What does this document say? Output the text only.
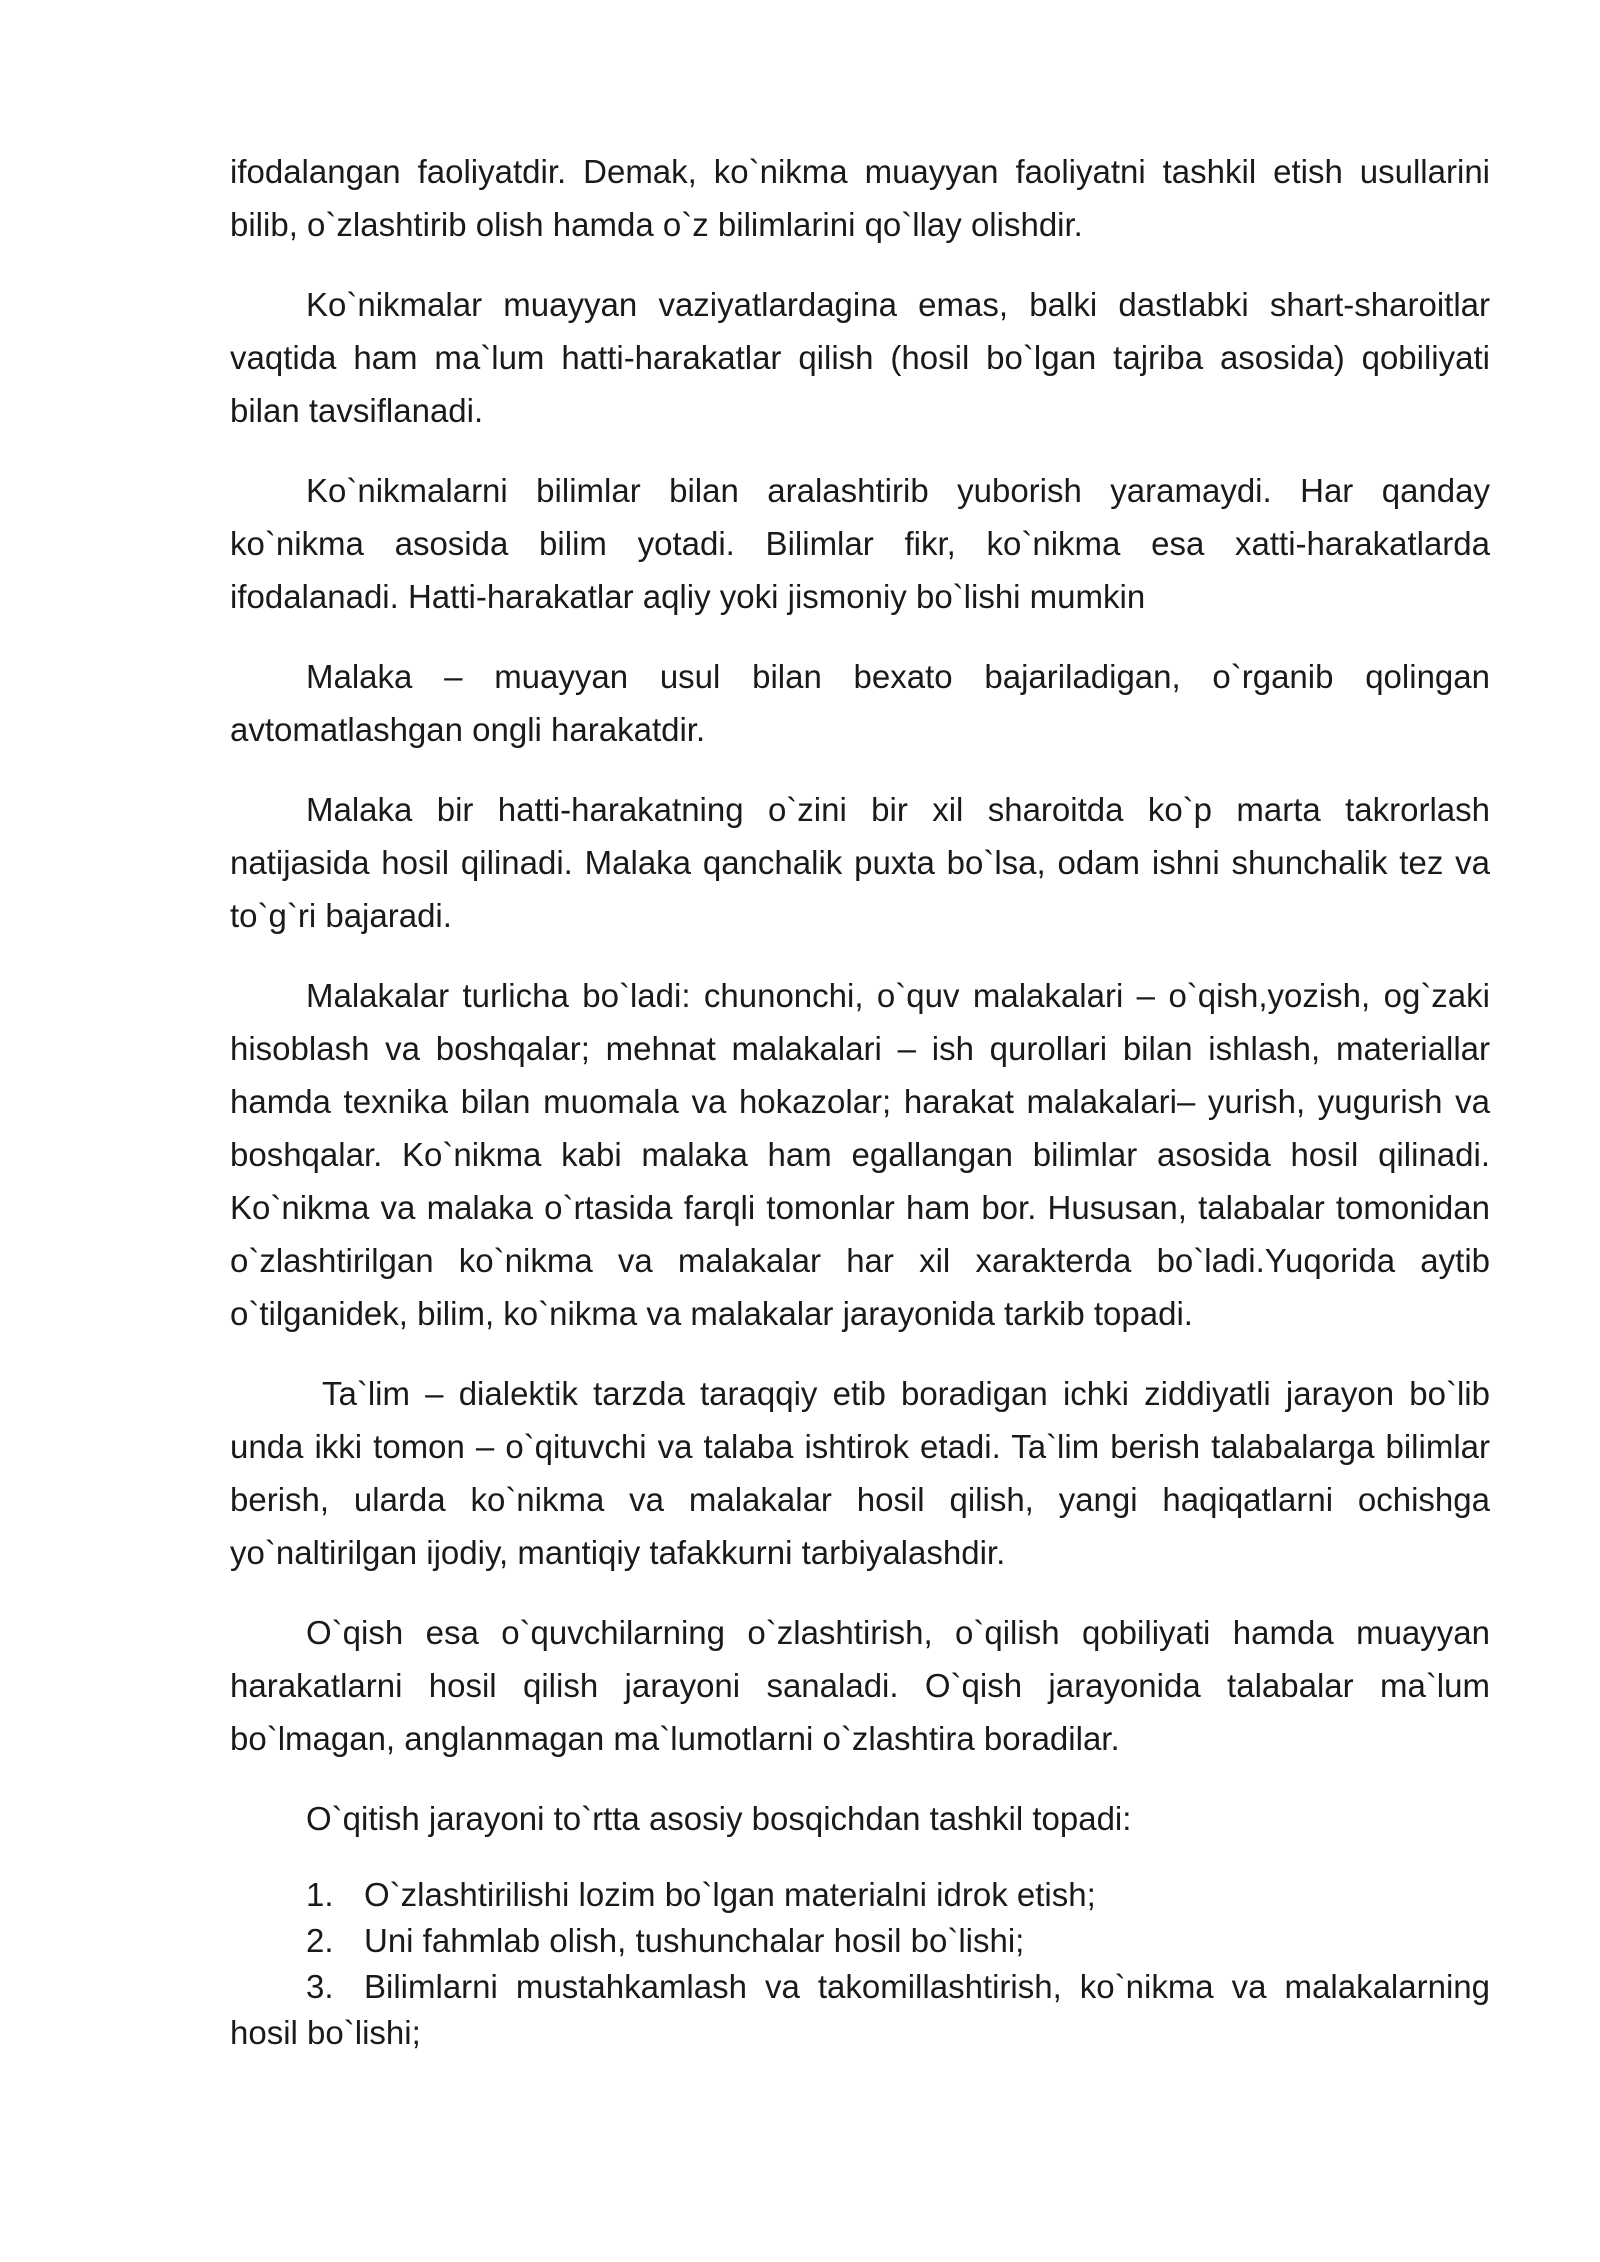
ifodalangan faoliyatdir. Demak, ko`nikma muayyan faoliyatni tashkil etish usullarini bilib, o`zlashtirib olish hamda o`z bilimlarini qo`llay olishdir.

Ko`nikmalar muayyan vaziyatlardagina emas, balki dastlabki shart-sharoitlar vaqtida ham ma`lum hatti-harakatlar qilish (hosil bo`lgan tajriba asosida) qobiliyati bilan tavsiflanadi.

Ko`nikmalarni bilimlar bilan aralashtirib yuborish yaramaydi. Har qanday ko`nikma asosida bilim yotadi. Bilimlar fikr, ko`nikma esa xatti-harakatlarda ifodalanadi. Hatti-harakatlar aqliy yoki jismoniy bo`lishi mumkin

Malaka – muayyan usul bilan bexato bajariladigan, o`rganib qolingan avtomatlashgan ongli harakatdir.

Malaka bir hatti-harakatning o`zini bir xil sharoitda ko`p marta takrorlash natijasida hosil qilinadi. Malaka qanchalik puxta bo`lsa, odam ishni shunchalik tez va to`g`ri bajaradi.

Malakalar turlicha bo`ladi: chunonchi, o`quv malakalari – o`qish,yozish, og`zaki hisoblash va boshqalar; mehnat malakalari – ish qurollari bilan ishlash, materiallar hamda texnika bilan muomala va hokazolar; harakat malakalari– yurish, yugurish va boshqalar. Ko`nikma kabi malaka ham egallangan bilimlar asosida hosil qilinadi. Ko`nikma va malaka o`rtasida farqli tomonlar ham bor. Hususan, talabalar tomonidan o`zlashtirilgan ko`nikma va malakalar har xil xarakterda bo`ladi.Yuqorida aytib o`tilganidek, bilim, ko`nikma va malakalar jarayonida tarkib topadi.

Ta`lim – dialektik tarzda taraqqiy etib boradigan ichki ziddiyatli jarayon bo`lib unda ikki tomon – o`qituvchi va talaba ishtirok etadi. Ta`lim berish talabalarga bilimlar berish, ularda ko`nikma va malakalar hosil qilish, yangi haqiqatlarni ochishga yo`naltirilgan ijodiy, mantiqiy tafakkurni tarbiyalashdir.

O`qish esa o`quvchilarning o`zlashtirish, o`qilish qobiliyati hamda muayyan harakatlarni hosil qilish jarayoni sanaladi. O`qish jarayonida talabalar ma`lum bo`lmagan, anglanmagan ma`lumotlarni o`zlashtira boradilar.

O`qitish jarayoni to`rtta asosiy bosqichdan tashkil topadi:

1. O`zlashtirilishi lozim bo`lgan materialni idrok etish;
2. Uni fahmlab olish, tushunchalar hosil bo`lishi;
3. Bilimlarni mustahkamlash va takomillashtirish, ko`nikma va malakalarning hosil bo`lishi;
